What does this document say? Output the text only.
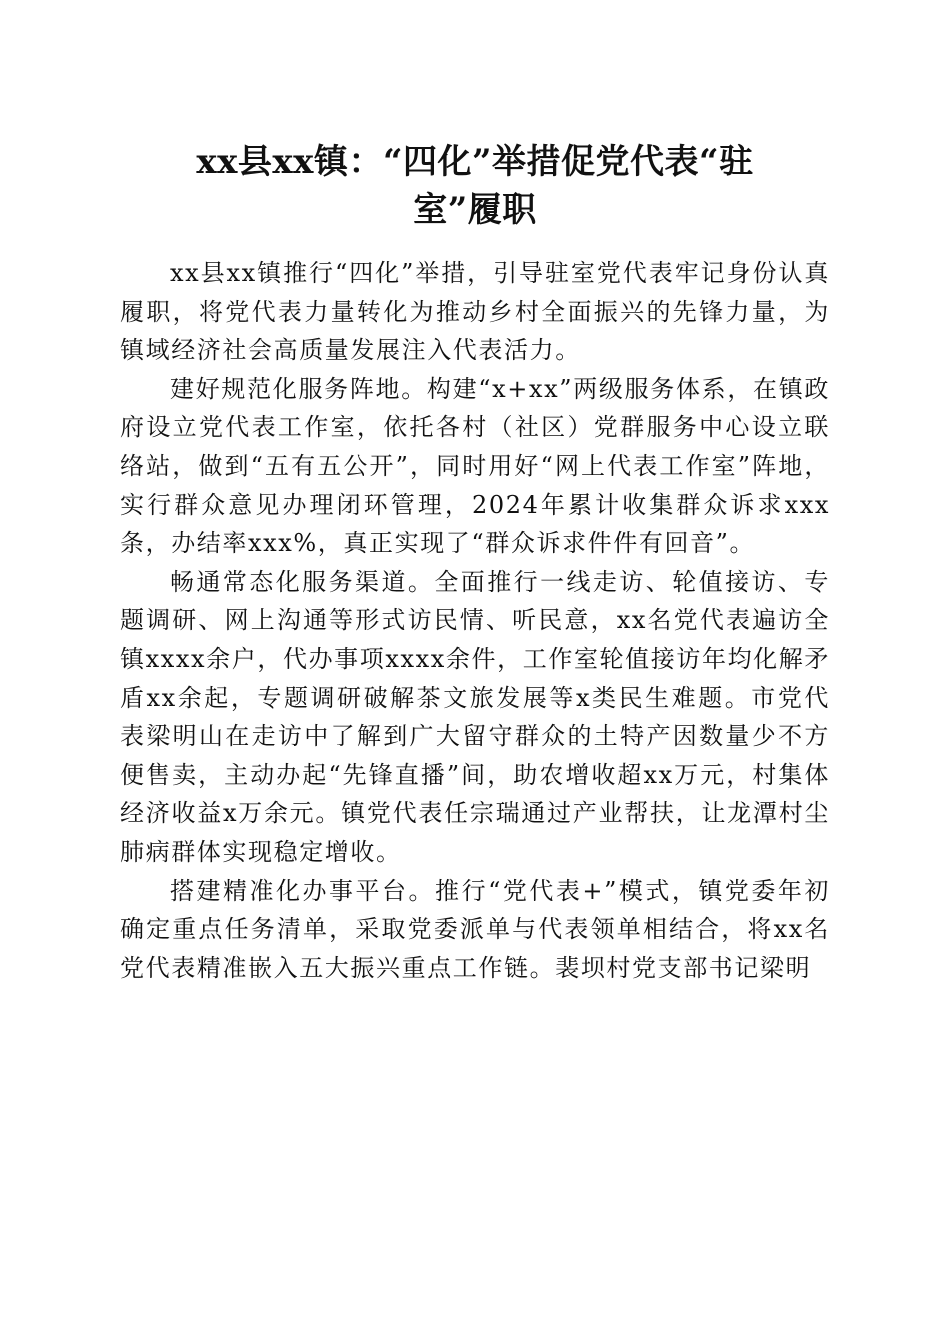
xx县xx镇：“四化”举措促党代表“驻
室”履职

xx县xx镇推行“四化”举措，引导驻室党代表牢记身份认真履职，将党代表力量转化为推动乡村全面振兴的先锋力量，为镇域经济社会高质量发展注入代表活力。

建好规范化服务阵地。构建“x+xx”两级服务体系，在镇政府设立党代表工作室，依托各村（社区）党群服务中心设立联络站，做到“五有五公开”，同时用好“网上代表工作室”阵地，实行群众意见办理闭环管理，2024年累计收集群众诉求xxx条，办结率xxx%，真正实现了“群众诉求件件有回音”。

畅通常态化服务渠道。全面推行一线走访、轮值接访、专题调研、网上沟通等形式访民情、听民意，xx名党代表遍访全镇xxxx余户，代办事项xxxx余件，工作室轮值接访年均化解矛盾xx余起，专题调研破解茶文旅发展等x类民生难题。市党代表梁明山在走访中了解到广大留守群众的土特产因数量少不方便售卖，主动办起“先锋直播”间，助农增收超xx万元，村集体经济收益x万余元。镇党代表任宗瑞通过产业帮扶，让龙潭村尘肺病群体实现稳定增收。

搭建精准化办事平台。推行“党代表+”模式，镇党委年初确定重点任务清单，采取党委派单与代表领单相结合，将xx名党代表精准嵌入五大振兴重点工作链。裴坝村党支部书记梁明
